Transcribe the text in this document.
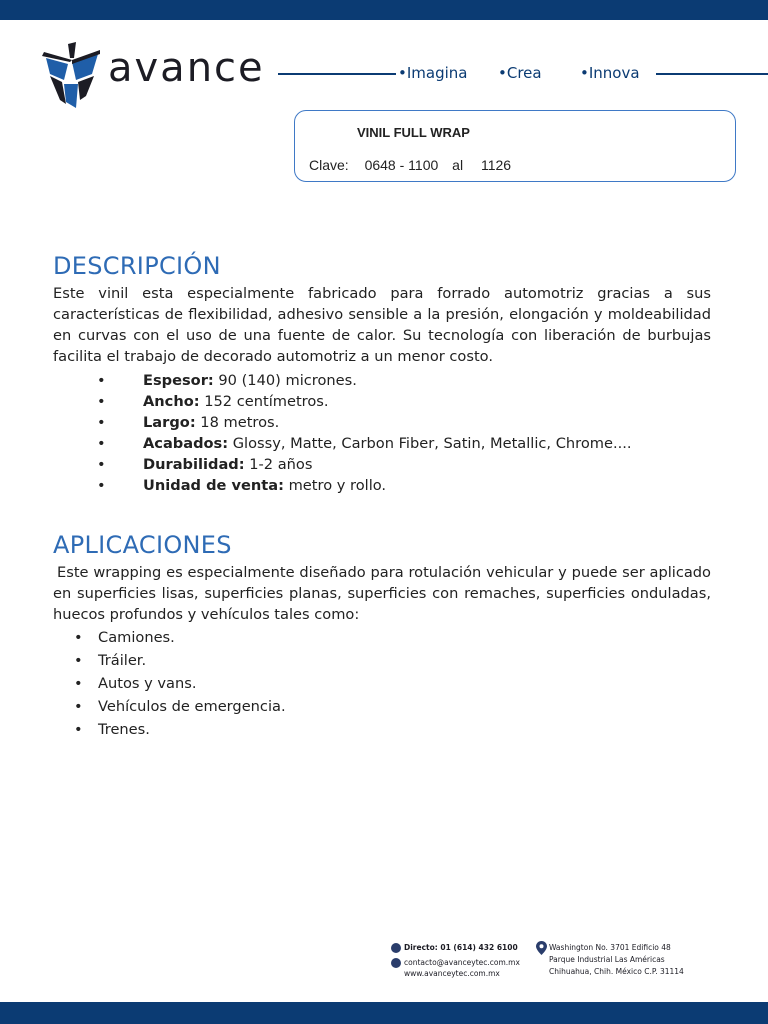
avance	•Imagina •Crea	•Innova
VINIL FULL WRAP
Clave: 0648 - 1100 al 1126
DESCRIPCIÓN

Este vinil esta especialmente fabricado para forrado automotriz gracias a sus características de flexibilidad, adhesivo sensible a la presión, elongación y moldeabilidad en curvas con el uso de una fuente de calor. Su tecnología con liberación de burbujas facilita el trabajo de decorado automotriz a un menor costo.

• Espesor: 90 (140) micrones.
• Ancho: 152 centímetros.
• Largo: 18 metros.
• Acabados: Glossy, Matte, Carbon Fiber, Satin, Metallic, Chrome....
• Durabilidad: 1-2 años
• Unidad de venta: metro y rollo.
APLICACIONES

Este wrapping es especialmente diseñado para rotulación vehicular y puede ser aplicado en superficies lisas, superficies planas, superficies con remaches, superficies onduladas, huecos profundos y vehículos tales como:

• Camiones.
• Tráiler.
• Autos y vans.
• Vehículos de emergencia.
• Trenes.
Directo: 01 (614) 432 6100
contacto@avanceytec.com.mx
www.avanceytec.com.mx
Washington No. 3701 Edificio 48
Parque Industrial Las Américas
Chihuahua, Chih. México C.P. 31114
